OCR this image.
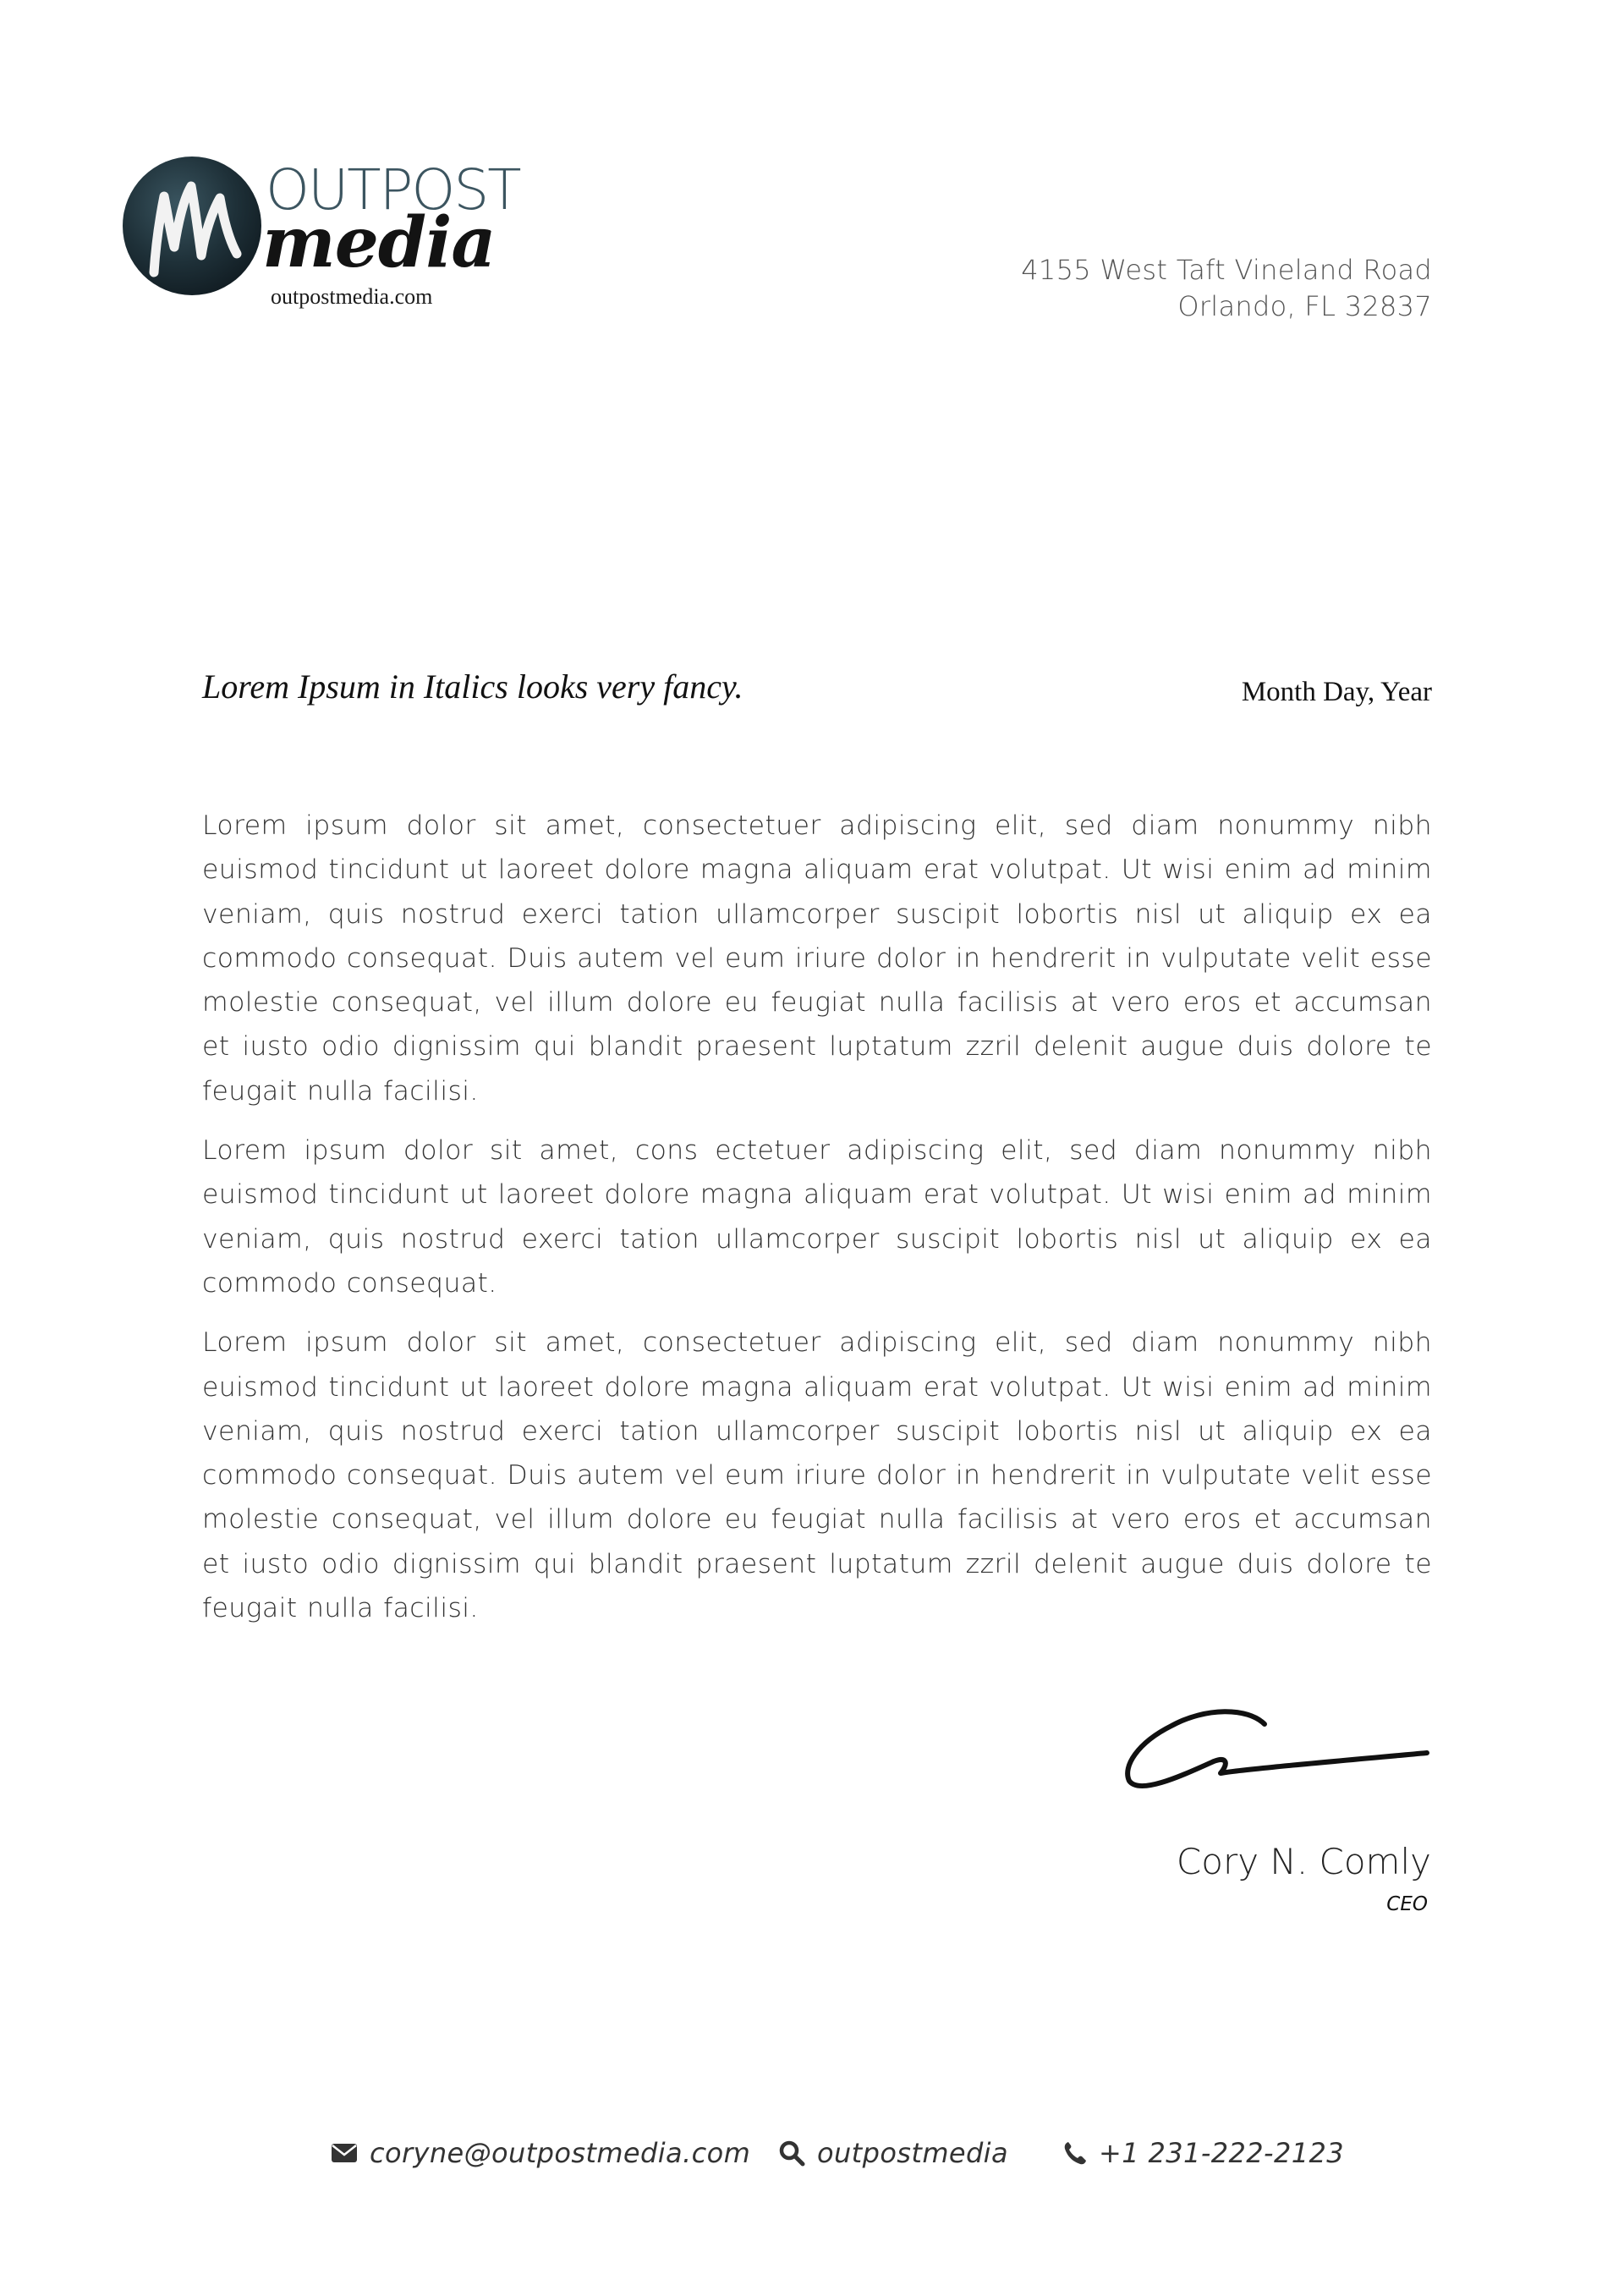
OUTPOST
media
outpostmedia.com
4155 West Taft Vineland Road
Orlando, FL 32837
Lorem Ipsum in Italics looks very fancy.	Month Day, Year

Lorem ipsum dolor sit amet, consectetuer adipiscing elit, sed diam nonummy nibh euismod tincidunt ut laoreet dolore magna aliquam erat volutpat. Ut wisi enim ad minim veniam, quis nostrud exerci tation ullamcorper suscipit lobortis nisl ut aliquip ex ea commodo consequat. Duis autem vel eum iriure dolor in hendrerit in vulputate velit esse molestie consequat, vel illum dolore eu feugiat nulla facilisis at vero eros et accumsan et iusto odio dignissim qui blandit praesent luptatum zzril delenit augue duis dolore te feugait nulla facilisi.

Lorem ipsum dolor sit amet, cons ectetuer adipiscing elit, sed diam nonummy nibh euismod tincidunt ut laoreet dolore magna aliquam erat volutpat. Ut wisi enim ad minim veniam, quis nostrud exerci tation ullamcorper suscipit lobortis nisl ut aliquip ex ea commodo consequat.

Lorem ipsum dolor sit amet, consectetuer adipiscing elit, sed diam nonummy nibh euismod tincidunt ut laoreet dolore magna aliquam erat volutpat. Ut wisi enim ad minim veniam, quis nostrud exerci tation ullamcorper suscipit lobortis nisl ut aliquip ex ea commodo consequat. Duis autem vel eum iriure dolor in hendrerit in vulputate velit esse molestie consequat, vel illum dolore eu feugiat nulla facilisis at vero eros et accumsan et iusto odio dignissim qui blandit praesent luptatum zzril delenit augue duis dolore te feugait nulla facilisi.

Cory N. Comly
CEO
coryne@outpostmedia.com outpostmedia	+1 231-222-2123
